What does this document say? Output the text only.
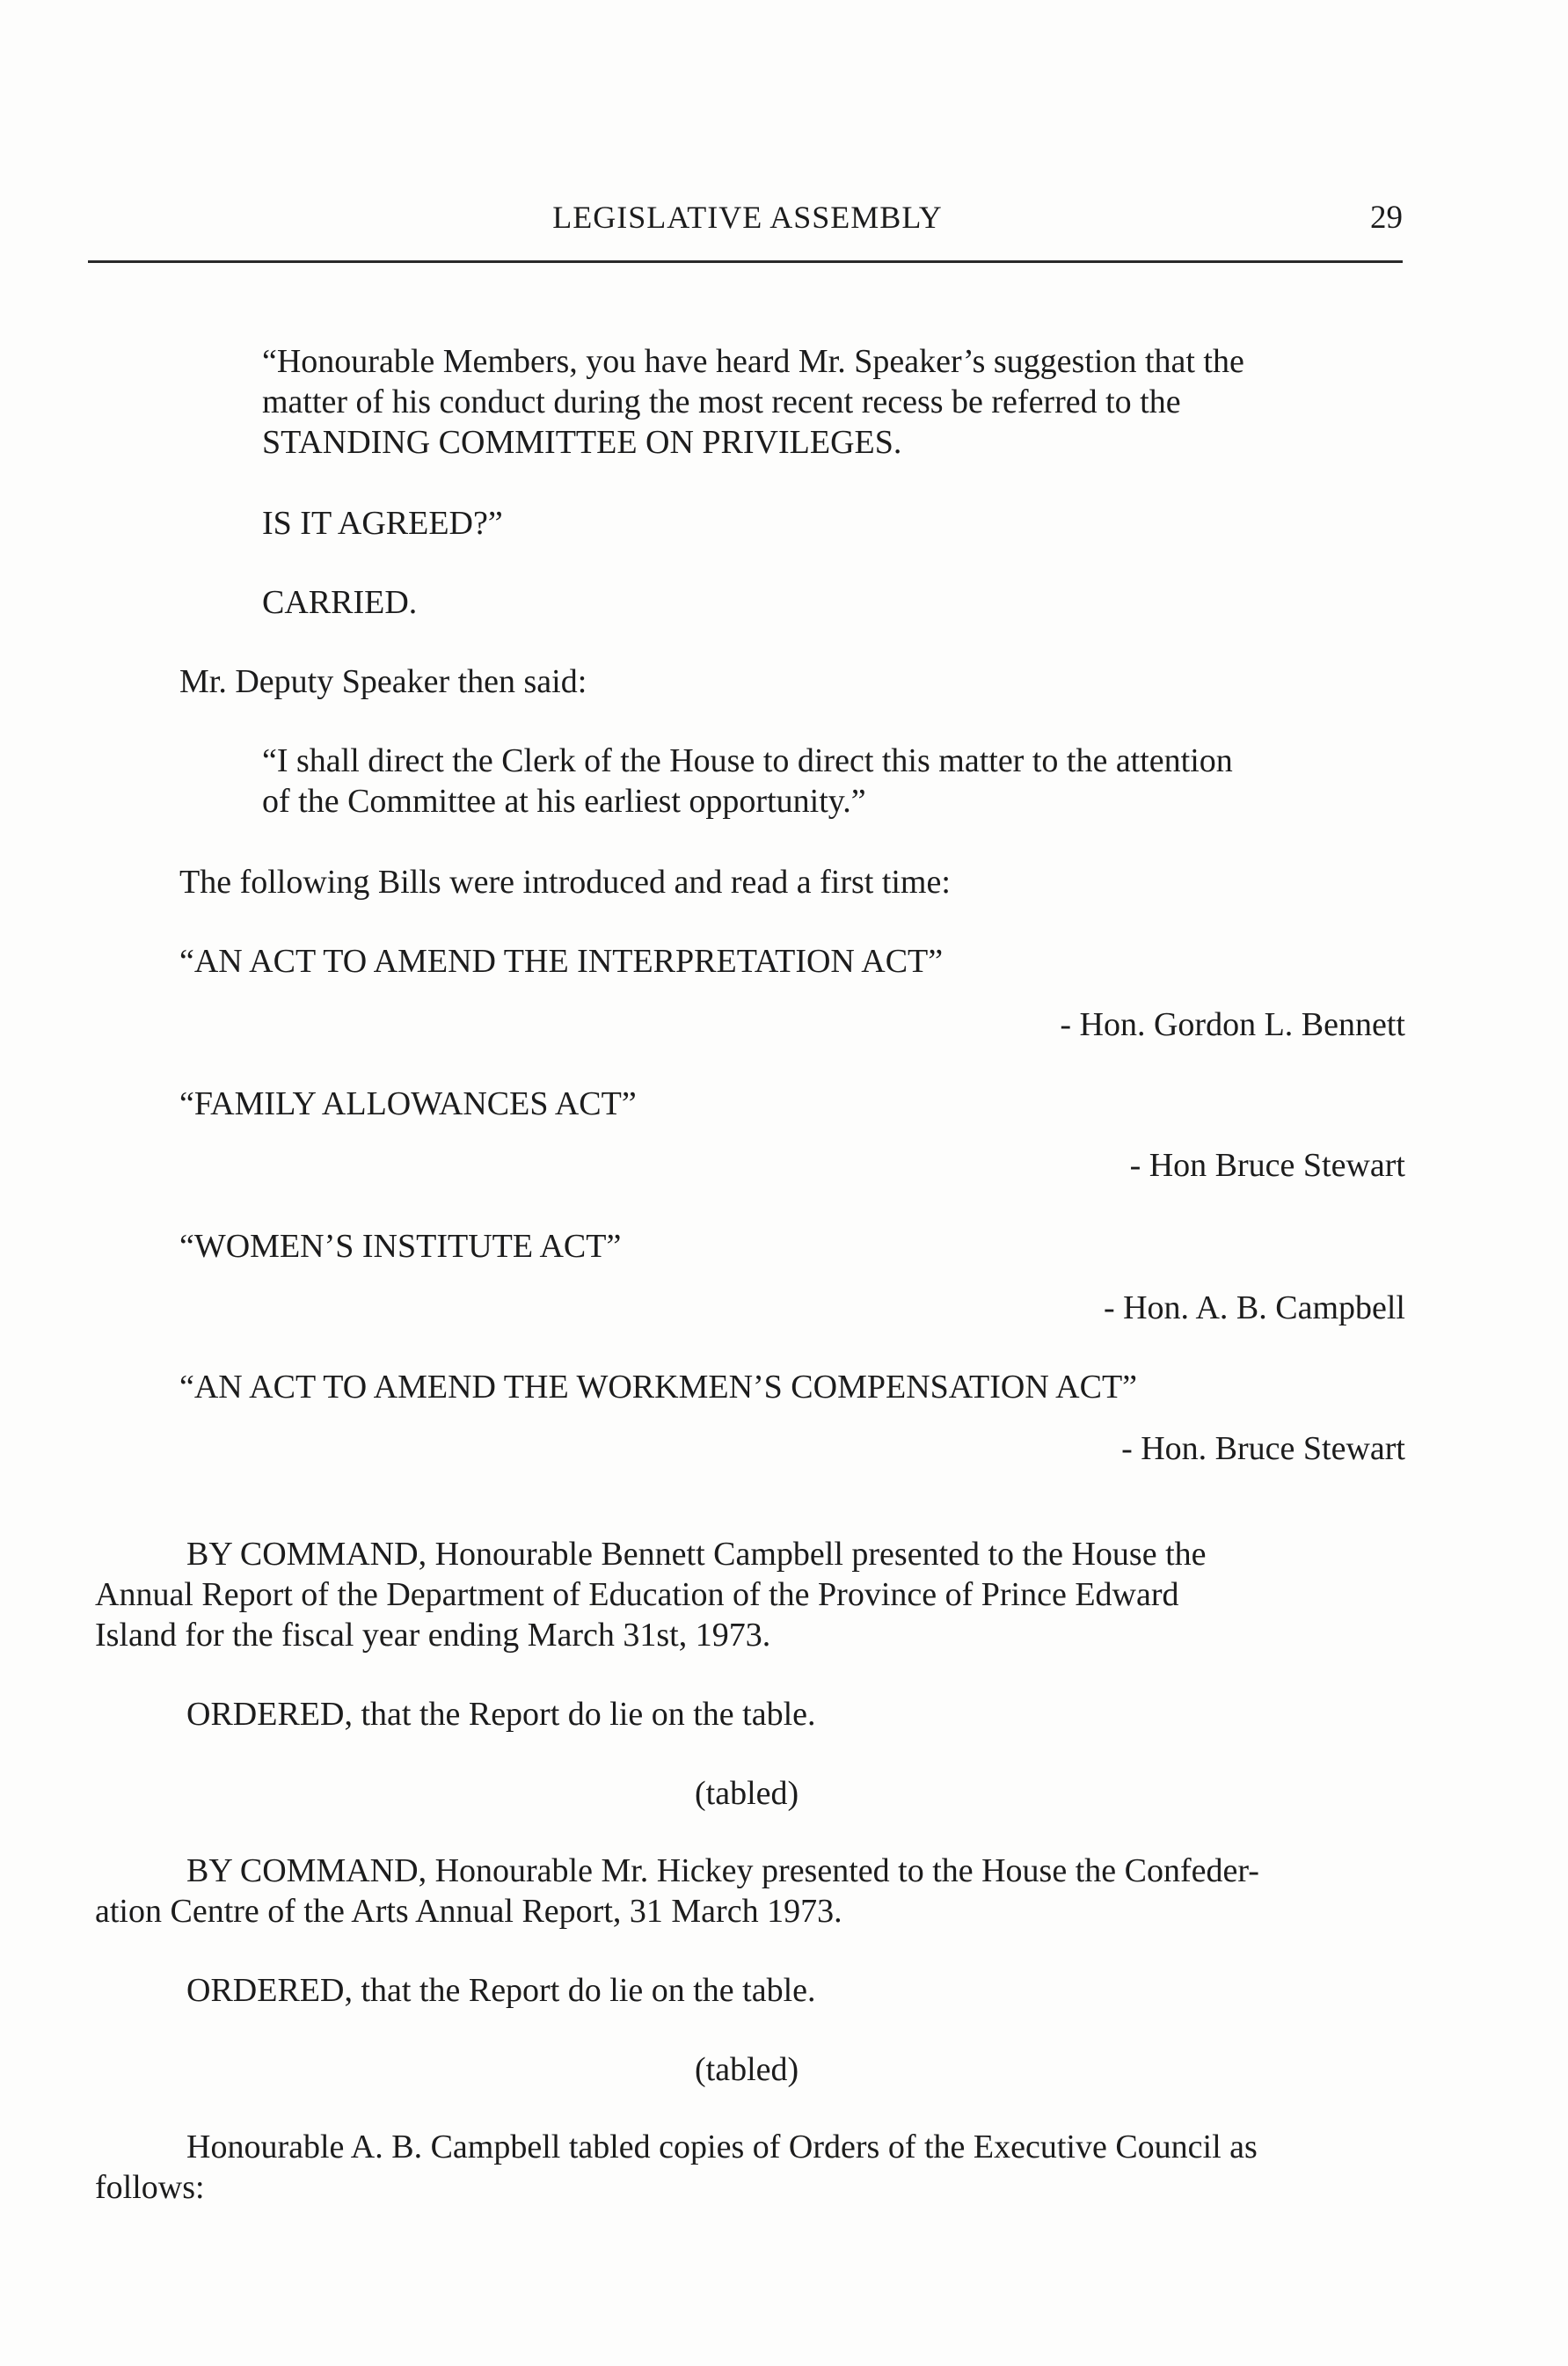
LEGISLATIVE ASSEMBLY	29
“Honourable Members, you have heard Mr. Speaker’s suggestion that the
matter of his conduct during the most recent recess be referred to the
STANDING COMMITTEE ON PRIVILEGES.
IS IT AGREED?”
CARRIED.
Mr. Deputy Speaker then said:
“I shall direct the Clerk of the House to direct this matter to the attention
of the Committee at his earliest opportunity.”
The following Bills were introduced and read a first time:
“AN ACT TO AMEND THE INTERPRETATION ACT”
- Hon. Gordon L. Bennett
“FAMILY ALLOWANCES ACT”
- Hon Bruce Stewart
“WOMEN’S INSTITUTE ACT”
- Hon. A. B. Campbell
“AN ACT TO AMEND THE WORKMEN’S COMPENSATION ACT”
- Hon. Bruce Stewart
BY COMMAND, Honourable Bennett Campbell presented to the House the
Annual Report of the Department of Education of the Province of Prince Edward
Island for the fiscal year ending March 31st, 1973.
ORDERED, that the Report do lie on the table.
(tabled)
BY COMMAND, Honourable Mr. Hickey presented to the House the Confeder-
ation Centre of the Arts Annual Report, 31 March 1973.
ORDERED, that the Report do lie on the table.
(tabled)
Honourable A. B. Campbell tabled copies of Orders of the Executive Council as
follows:
